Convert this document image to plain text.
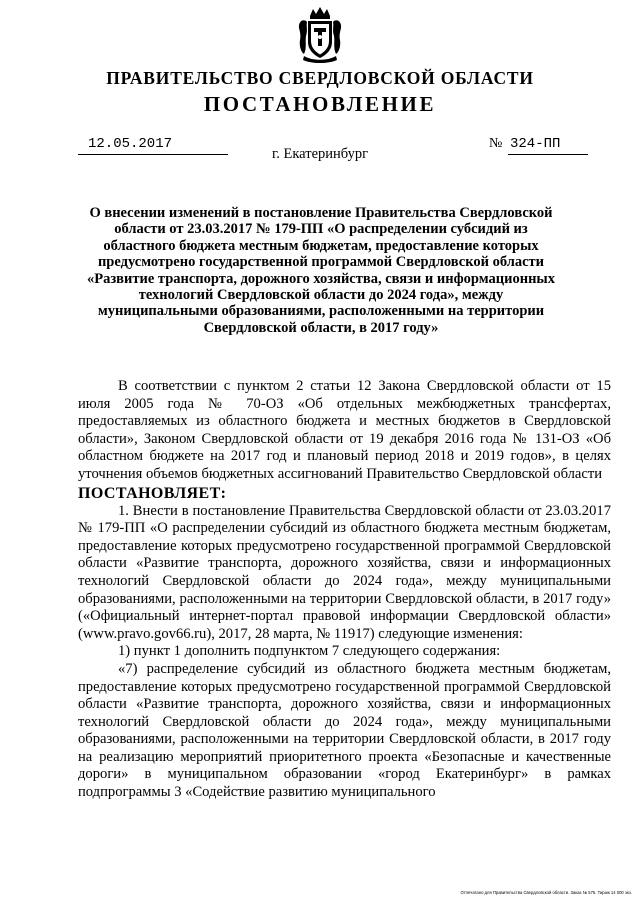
ПРАВИТЕЛЬСТВО СВЕРДЛОВСКОЙ ОБЛАСТИ
ПОСТАНОВЛЕНИЕ
12.05.2017
г. Екатеринбург
№ 324-ПП
О внесении изменений в постановление Правительства Свердловской области от 23.03.2017 № 179-ПП «О распределении субсидий из областного бюджета местным бюджетам, предоставление которых предусмотрено государственной программой Свердловской области «Развитие транспорта, дорожного хозяйства, связи и информационных технологий Свердловской области до 2024 года», между муниципальными образованиями, расположенными на территории Свердловской области, в 2017 году»

В соответствии с пунктом 2 статьи 12 Закона Свердловской области от 15 июля 2005 года № 70-ОЗ «Об отдельных межбюджетных трансфертах, предоставляемых из областного бюджета и местных бюджетов в Свердловской области», Законом Свердловской области от 19 декабря 2016 года № 131-ОЗ «Об областном бюджете на 2017 год и плановый период 2018 и 2019 годов», в целях уточнения объемов бюджетных ассигнований Правительство Свердловской области

ПОСТАНОВЛЯЕТ:

1. Внести в постановление Правительства Свердловской области от 23.03.2017 № 179-ПП «О распределении субсидий из областного бюджета местным бюджетам, предоставление которых предусмотрено государственной программой Свердловской области «Развитие транспорта, дорожного хозяйства, связи и информационных технологий Свердловской области до 2024 года», между муниципальными образованиями, расположенными на территории Свердловской области, в 2017 году» («Официальный интернет-портал правовой информации Свердловской области» (www.pravo.gov66.ru), 2017, 28 марта, № 11917) следующие изменения:

1) пункт 1 дополнить подпунктом 7 следующего содержания:

«7) распределение субсидий из областного бюджета местным бюджетам, предоставление которых предусмотрено государственной программой Свердловской области «Развитие транспорта, дорожного хозяйства, связи и информационных технологий Свердловской области до 2024 года», между муниципальными образованиями, расположенными на территории Свердловской области, в 2017 году на реализацию мероприятий приоритетного проекта «Безопасные и качественные дороги» в муниципальном образовании «город Екатеринбург» в рамках подпрограммы 3 «Содействие развитию муниципального

Отпечатано для Правительства Свердловской области. Заказ № 575. Тираж 14 000 экз.
